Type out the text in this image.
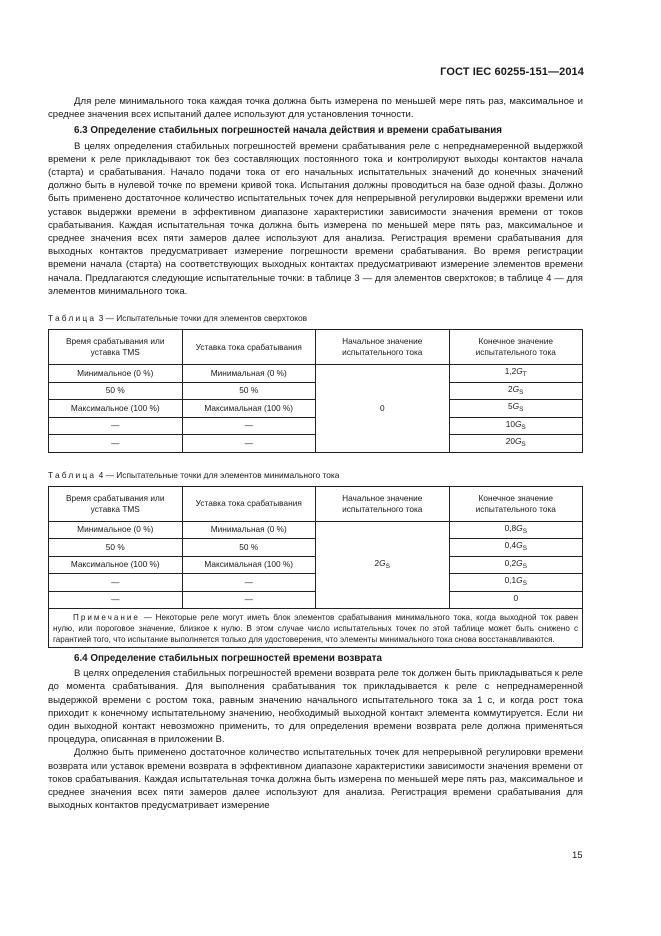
ГОСТ IEC 60255-151—2014

Для реле минимального тока каждая точка должна быть измерена по меньшей мере пять раз, максимальное и среднее значения всех испытаний далее используют для установления точности.

6.3 Определение стабильных погрешностей начала действия и времени срабатывания

В целях определения стабильных погрешностей времени срабатывания реле с непреднамеренной выдержкой времени к реле прикладывают ток без составляющих постоянного тока и контролируют выходы контактов начала (старта) и срабатывания. Начало подачи тока от его начальных испытательных значений до конечных значений должно быть в нулевой точке по времени кривой тока. Испытания должны проводиться на базе одной фазы. Должно быть применено достаточное количество испытательных точек для непрерывной регулировки выдержки времени или уставок выдержки времени в эффективном диапазоне характеристики зависимости значения времени от токов срабатывания. Каждая испытательная точка должна быть измерена по меньшей мере пять раз, максимальное и среднее значения всех пяти замеров далее используют для анализа. Регистрация времени срабатывания для выходных контактов предусматривает измерение погрешности времени срабатывания. Во время регистрации времени начала (старта) на соответствующих выходных контактах предусматривают измерение элементов времени начала. Предлагаются следующие испытательные точки: в таблице 3 — для элементов сверхтоков; в таблице 4 — для элементов минимального тока.

Таблица 3 — Испытательные точки для элементов сверхтоков
Время срабатывания или уставка TMS	Уставка тока срабатывания	Начальное значение испытательного тока	Конечное значение испытательного тока
Минимальное (0 %)	Минимальная (0 %)	0	$1,2G_T$
50 %	50 %		$2G_S$
Максимальное (100 %)	Максимальная (100 %)		$5G_S$
—	—		$10G_S$
—	—		$20G_S$
Таблица 4 — Испытательные точки для элементов минимального тока
Время срабатывания или уставка TMS	Уставка тока срабатывания	Начальное значение испытательного тока	Конечное значение испытательного тока
Минимальное (0 %)	Минимальная (0 %)	$2G_S$	$0,8G_S$
50 %	50 %		$0,4G_S$
Максимальное (100 %)	Максимальная (100 %)		$0,2G_S$
—	—		$0,1G_S$
—	—		0
Примечание — Некоторые реле могут иметь блок элементов срабатывания минимального тока, когда выходной ток равен нулю, или пороговое значение, близкое к нулю. В этом случае число испытательных точек по этой таблице может быть снижено с гарантией того, что испытание выполняется только для удостоверения, что элементы минимального тока снова восстанавливаются.			
6.4 Определение стабильных погрешностей времени возврата

В целях определения стабильных погрешностей времени возврата реле ток должен быть прикладываться к реле до момента срабатывания. Для выполнения срабатывания ток прикладывается к реле с непреднамеренной выдержкой времени с ростом тока, равным значению начального испытательного тока за 1 с, и когда рост тока приходит к конечному испытательному значению, необходимый выходной контакт элемента коммутируется. Если ни один выходной контакт невозможно применить, то для определения времени возврата реле должна применяться процедура, описанная в приложении В.

Должно быть применено достаточное количество испытательных точек для непрерывной регулировки времени возврата или уставок времени возврата в эффективном диапазоне характеристики зависимости значения времени от токов срабатывания. Каждая испытательная точка должна быть измерена по меньшей мере пять раз, максимальное и среднее значения всех пяти замеров далее используют для анализа. Регистрация времени срабатывания для выходных контактов предусматривает измерение

15
